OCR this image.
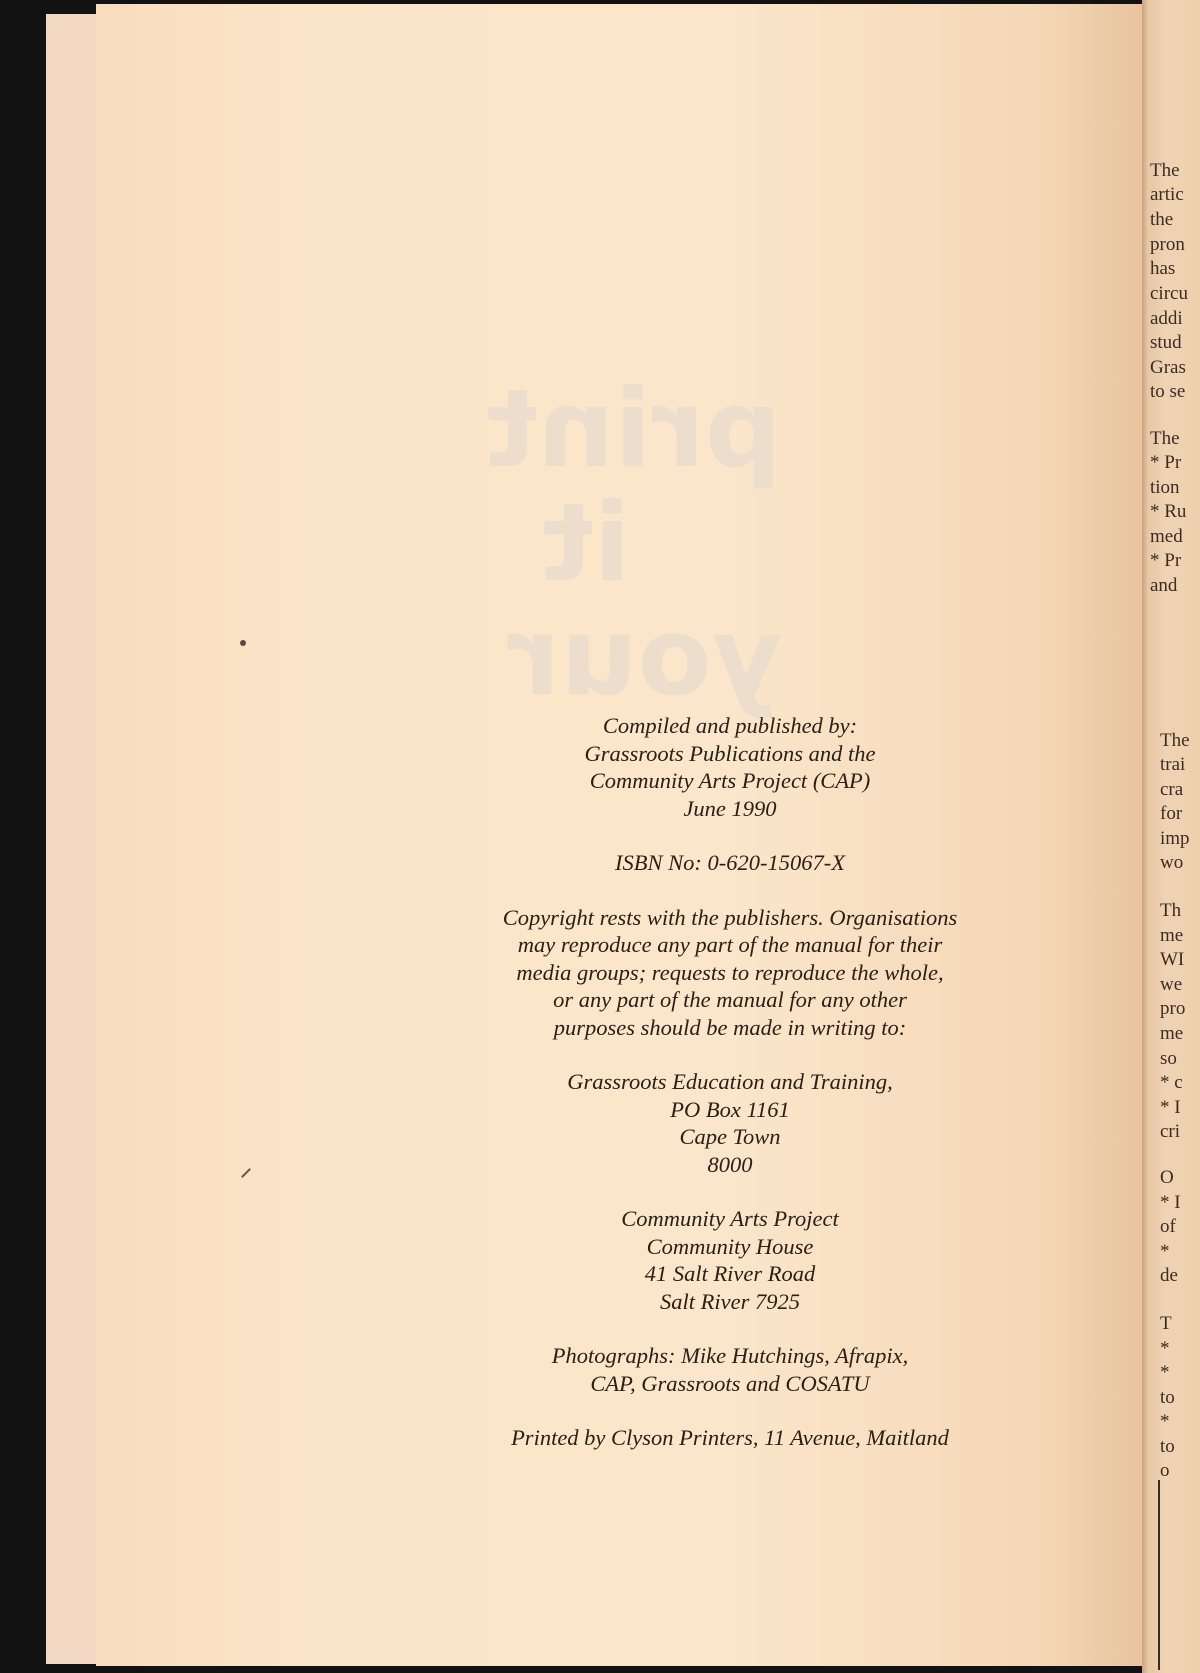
print
it
your
Compiled and published by:
Grassroots Publications and the
Community Arts Project (CAP)
June 1990
ISBN No: 0-620-15067-X
Copyright rests with the publishers. Organisations
may reproduce any part of the manual for their
media groups; requests to reproduce the whole,
or any part of the manual for any other
purposes should be made in writing to:
Grassroots Education and Training,
PO Box 1161
Cape Town
8000
Community Arts Project
Community House
41 Salt River Road
Salt River 7925
Photographs: Mike Hutchings, Afrapix,
CAP, Grassroots and COSATU
Printed by Clyson Printers, 11 Avenue, Maitland
The
artic
the
pron
has
circu
addi
stud
Gras
to se
The
* Pr
tion
* Ru
med
* Pr
and
The
trai
cra
for
imp
wo
Th
me
WI
we
pro
me
so
* c
* I
cri
O
* I
of
*
de
T
*
*
to
*
to
o
